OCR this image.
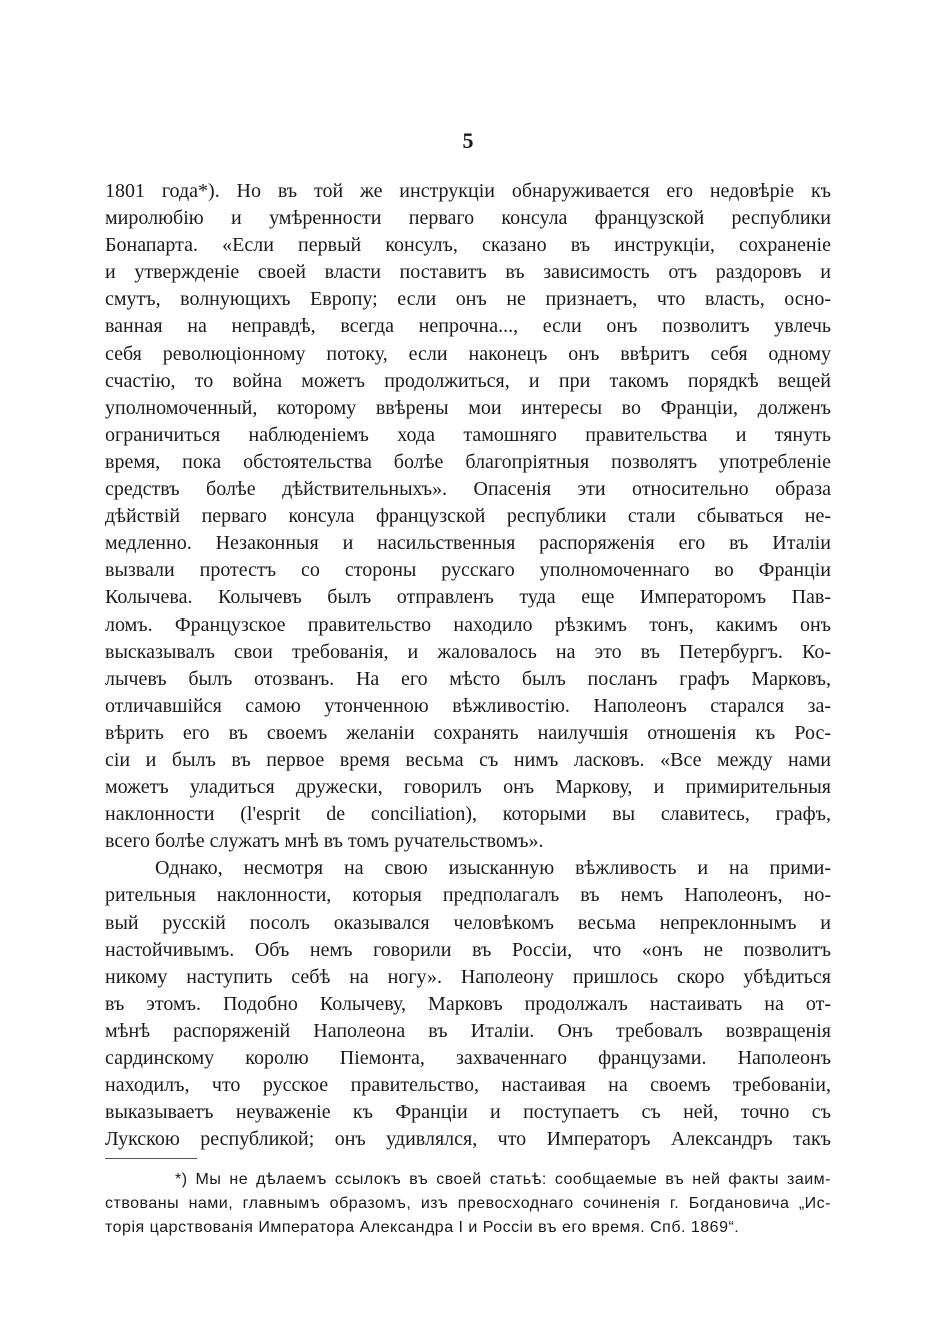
5
1801 года*). Но въ той же инструкціи обнаруживается его недовѣріе къ
миролюбію и умѣренности перваго консула французской республики
Бонапарта. «Если первый консулъ, сказано въ инструкціи, сохраненіе
и утвержденіе своей власти поставитъ въ зависимость отъ раздоровъ и
смутъ, волнующихъ Европу; если онъ не признаетъ, что власть, осно-
ванная на неправдѣ, всегда непрочна..., если онъ позволитъ увлечь
себя революціонному потоку, если наконецъ онъ ввѣритъ себя одному
счастію, то война можетъ продолжиться, и при такомъ порядкѣ вещей
уполномоченный, которому ввѣрены мои интересы во Франціи, долженъ
ограничиться наблюденіемъ хода тамошняго правительства и тянуть
время, пока обстоятельства болѣе благопріятныя позволятъ употребленіе
средствъ болѣе дѣйствительныхъ». Опасенія эти относительно образа
дѣйствій перваго консула французской республики стали сбываться не-
медленно. Незаконныя и насильственныя распоряженія его въ Италіи
вызвали протестъ со стороны русскаго уполномоченнаго во Франціи
Колычева. Колычевъ былъ отправленъ туда еще Императоромъ Пав-
ломъ. Французское правительство находило рѣзкимъ тонъ, какимъ онъ
высказывалъ свои требованія, и жаловалось на это въ Петербургъ. Ко-
лычевъ былъ отозванъ. На его мѣсто былъ посланъ графъ Марковъ,
отличавшійся самою утонченною вѣжливостію. Наполеонъ старался за-
вѣрить его въ своемъ желаніи сохранять наилучшія отношенія къ Рос-
сіи и былъ въ первое время весьма съ нимъ ласковъ. «Все между нами
можетъ уладиться дружески, говорилъ онъ Маркову, и примирительныя
наклонности (l'esprit de conciliation), которыми вы славитесь, графъ,
всего болѣе служатъ мнѣ въ томъ ручательствомъ».
Однако, несмотря на свою изысканную вѣжливость и на прими-
рительныя наклонности, которыя предполагалъ въ немъ Наполеонъ, но-
вый русскій посолъ оказывался человѣкомъ весьма непреклоннымъ и
настойчивымъ. Объ немъ говорили въ Россіи, что «онъ не позволитъ
никому наступить себѣ на ногу». Наполеону пришлось скоро убѣдиться
въ этомъ. Подобно Колычеву, Марковъ продолжалъ настаивать на от-
мѣнѣ распоряженій Наполеона въ Италіи. Онъ требовалъ возвращенія
сардинскому королю Піемонта, захваченнаго французами. Наполеонъ
находилъ, что русское правительство, настаивая на своемъ требованіи,
выказываетъ неуваженіе къ Франціи и поступаетъ съ ней, точно съ
Лукскою республикой; онъ удивлялся, что Императоръ Александръ такъ
*) Мы не дѣлаемъ ссылокъ въ своей статьѣ: сообщаемые въ ней факты заим-
ствованы нами, главнымъ образомъ, изъ превосходнаго сочиненія г. Богдановича „Ис-
торія царствованія Императора Александра I и Россіи въ его время. Спб. 1869“.
